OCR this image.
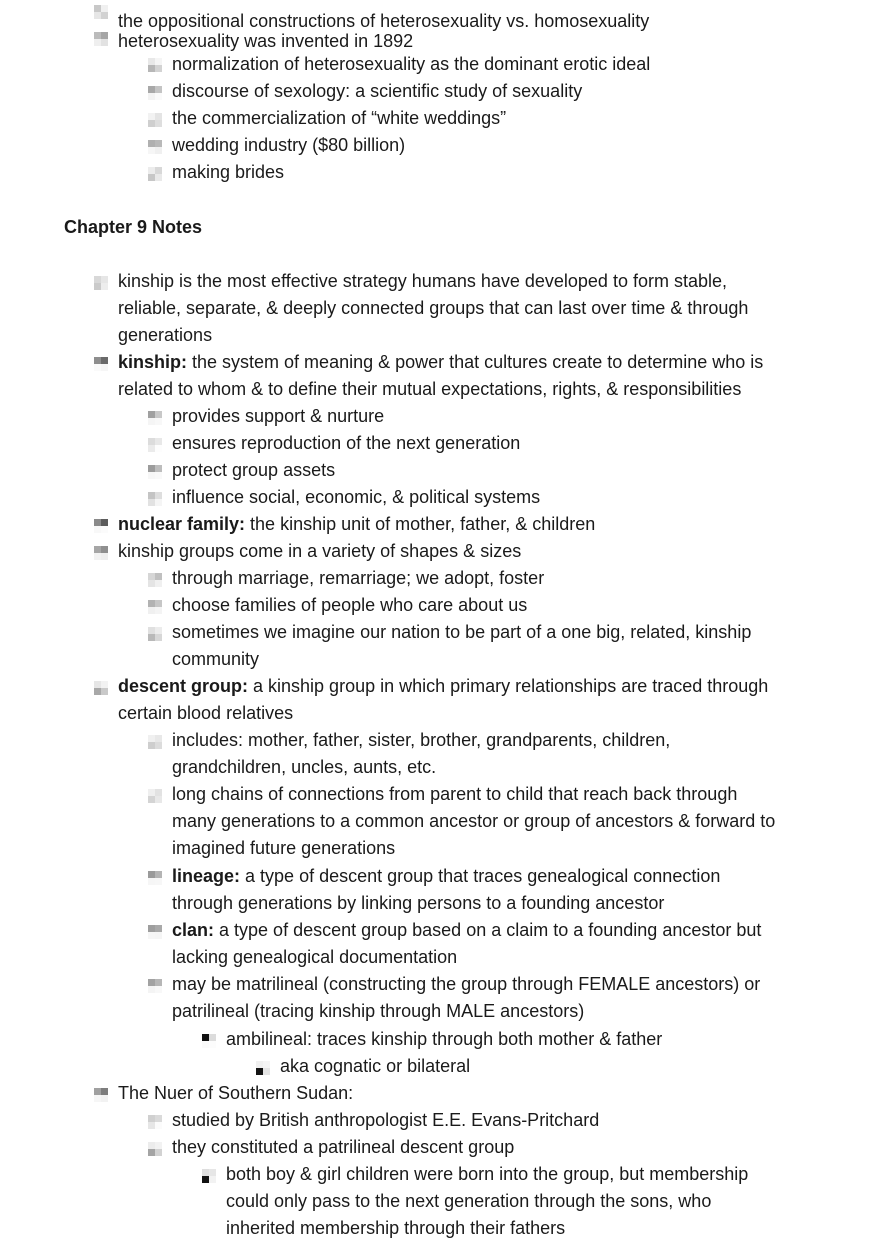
the oppositional constructions of heterosexuality vs. homosexuality
heterosexuality was invented in 1892
normalization of heterosexuality as the dominant erotic ideal
discourse of sexology: a scientific study of sexuality
the commercialization of “white weddings”
wedding industry ($80 billion)
making brides
Chapter 9 Notes
kinship is the most effective strategy humans have developed to form stable,
reliable, separate, & deeply connected groups that can last over time & through
generations
kinship: the system of meaning & power that cultures create to determine who is
related to whom & to define their mutual expectations, rights, & responsibilities
provides support & nurture
ensures reproduction of the next generation
protect group assets
influence social, economic, & political systems
nuclear family: the kinship unit of mother, father, & children
kinship groups come in a variety of shapes & sizes
through marriage, remarriage; we adopt, foster
choose families of people who care about us
sometimes we imagine our nation to be part of a one big, related, kinship
community
descent group: a kinship group in which primary relationships are traced through
certain blood relatives
includes: mother, father, sister, brother, grandparents, children,
grandchildren, uncles, aunts, etc.
long chains of connections from parent to child that reach back through
many generations to a common ancestor or group of ancestors & forward to
imagined future generations
lineage: a type of descent group that traces genealogical connection
through generations by linking persons to a founding ancestor
clan: a type of descent group based on a claim to a founding ancestor but
lacking genealogical documentation
may be matrilineal (constructing the group through FEMALE ancestors) or
patrilineal (tracing kinship through MALE ancestors)
ambilineal: traces kinship through both mother & father
aka cognatic or bilateral
The Nuer of Southern Sudan:
studied by British anthropologist E.E. Evans-Pritchard
they constituted a patrilineal descent group
both boy & girl children were born into the group, but membership
could only pass to the next generation through the sons, who
inherited membership through their fathers
